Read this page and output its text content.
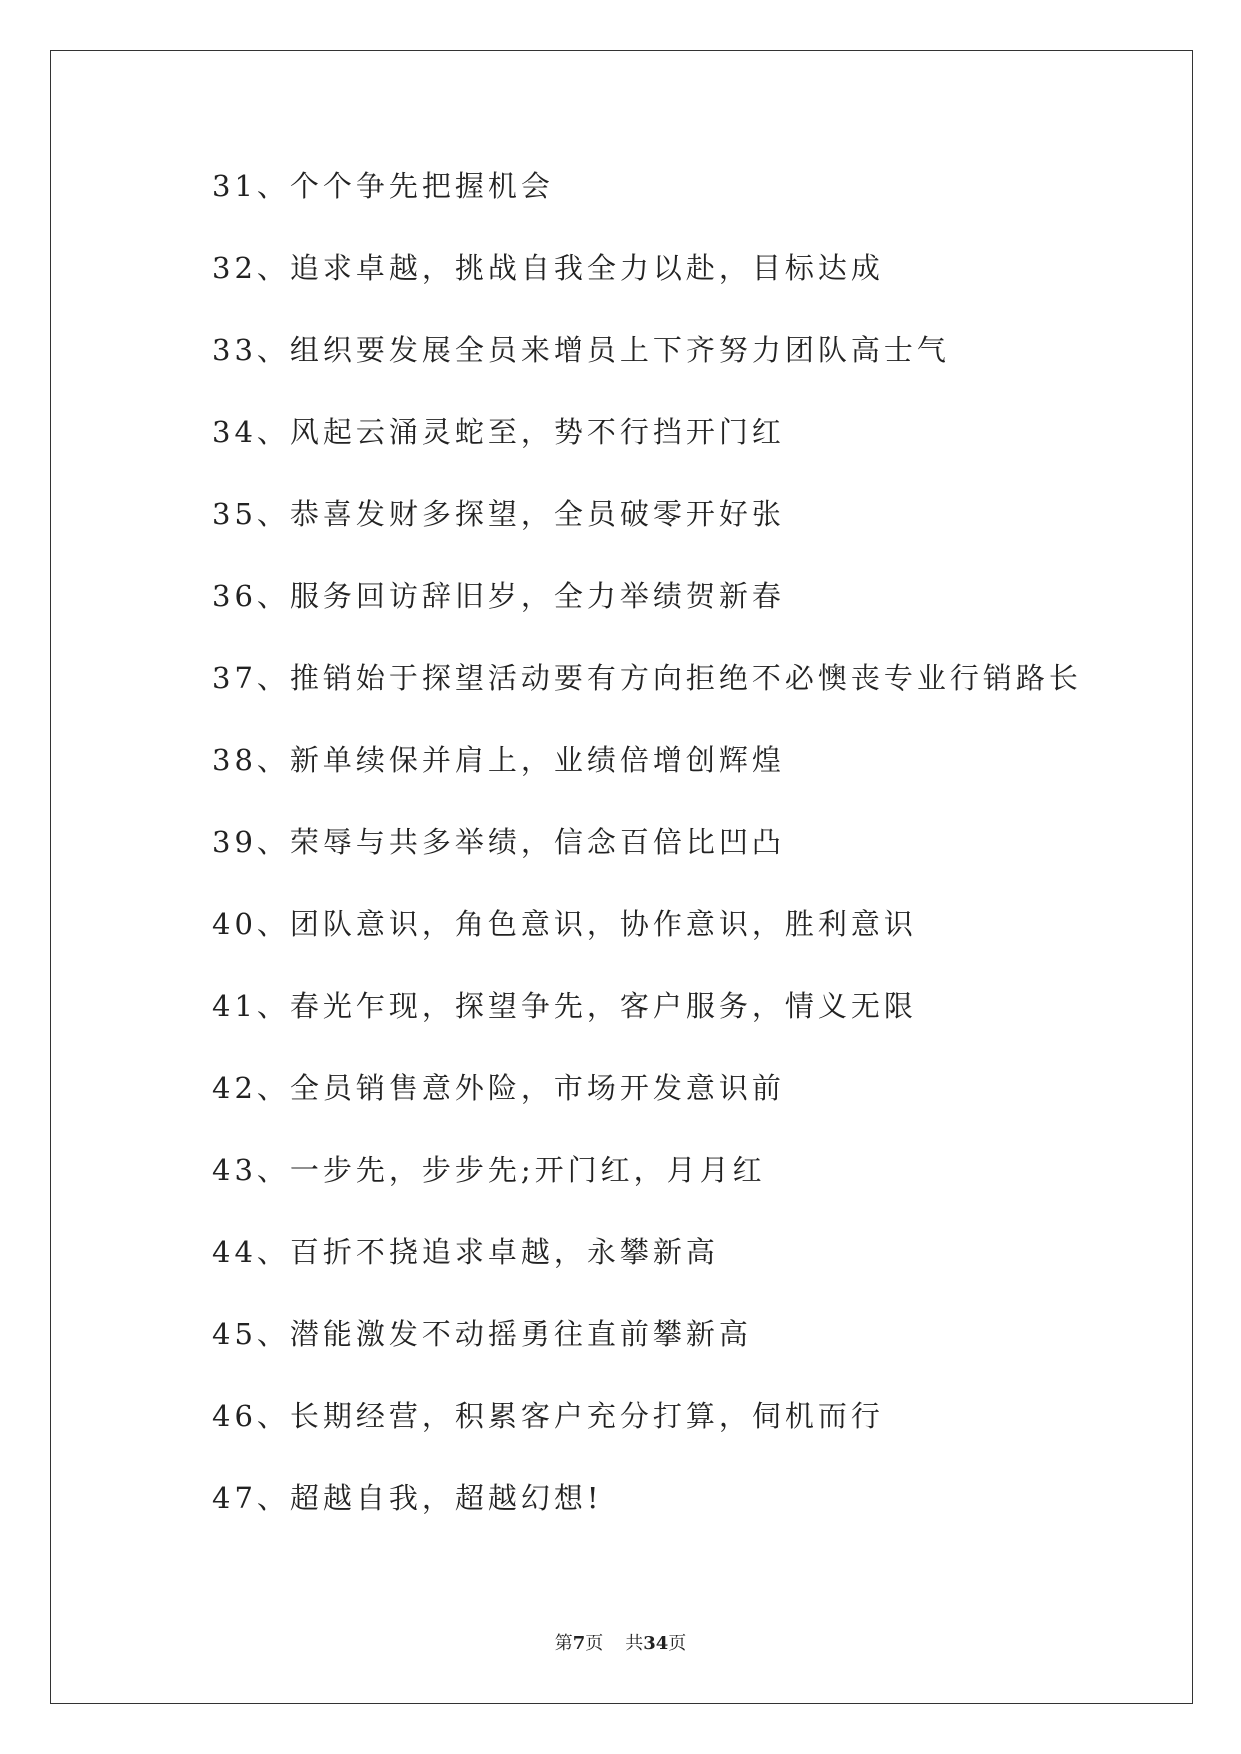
31、个个争先把握机会
32、追求卓越，挑战自我全力以赴，目标达成
33、组织要发展全员来增员上下齐努力团队高士气
34、风起云涌灵蛇至，势不行挡开门红
35、恭喜发财多探望，全员破零开好张
36、服务回访辞旧岁，全力举绩贺新春
37、推销始于探望活动要有方向拒绝不必懊丧专业行销路长
38、新单续保并肩上，业绩倍增创辉煌
39、荣辱与共多举绩，信念百倍比凹凸
40、团队意识，角色意识，协作意识，胜利意识
41、春光乍现，探望争先，客户服务，情义无限
42、全员销售意外险，市场开发意识前
43、一步先，步步先;开门红，月月红
44、百折不挠追求卓越，永攀新高
45、潜能激发不动摇勇往直前攀新高
46、长期经营，积累客户充分打算，伺机而行
47、超越自我，超越幻想!
第7页 共34页
